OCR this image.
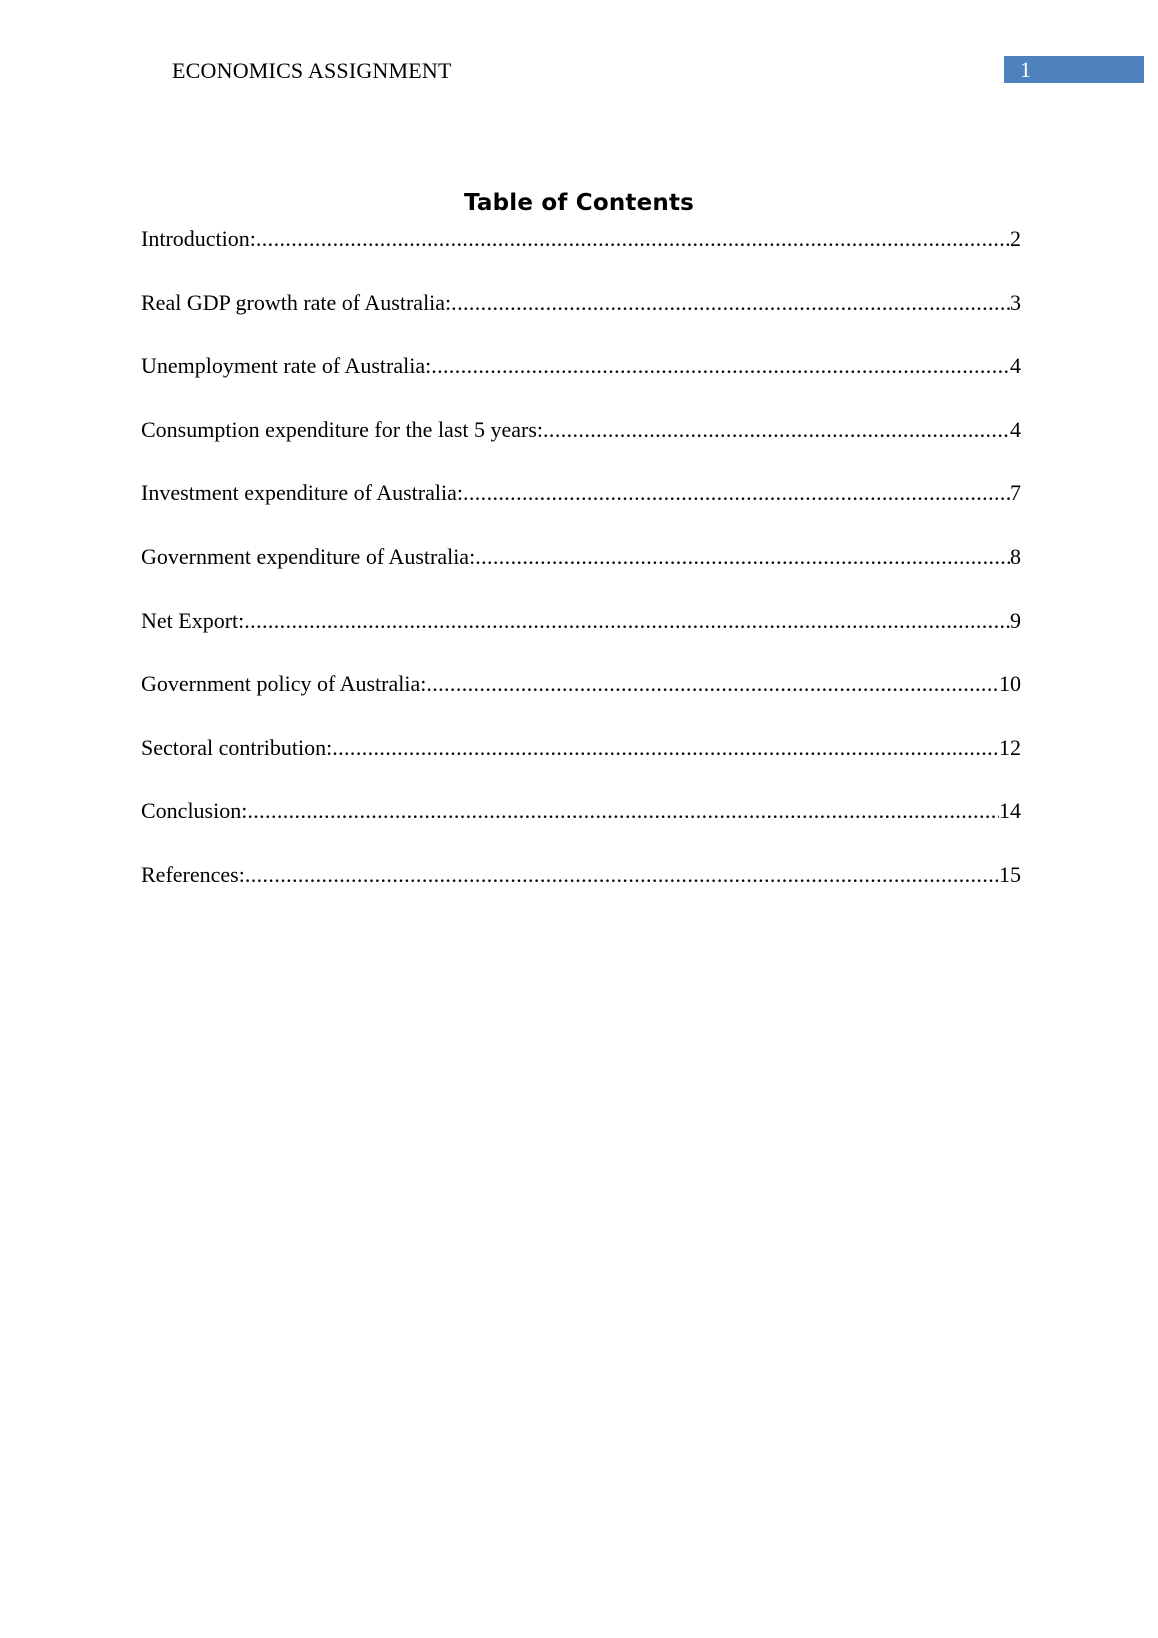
ECONOMICS ASSIGNMENT	1
Table of Contents
Introduction: .....	2
Real GDP growth rate of Australia: .....	3
Unemployment rate of Australia: .....	4
Consumption expenditure for the last 5 years: .....	4
Investment expenditure of Australia: .....	7
Government expenditure of Australia: .....	8
Net Export: .....	9
Government policy of Australia: .....	10
Sectoral contribution: .....	12
Conclusion: .....	14
References: .....	15
